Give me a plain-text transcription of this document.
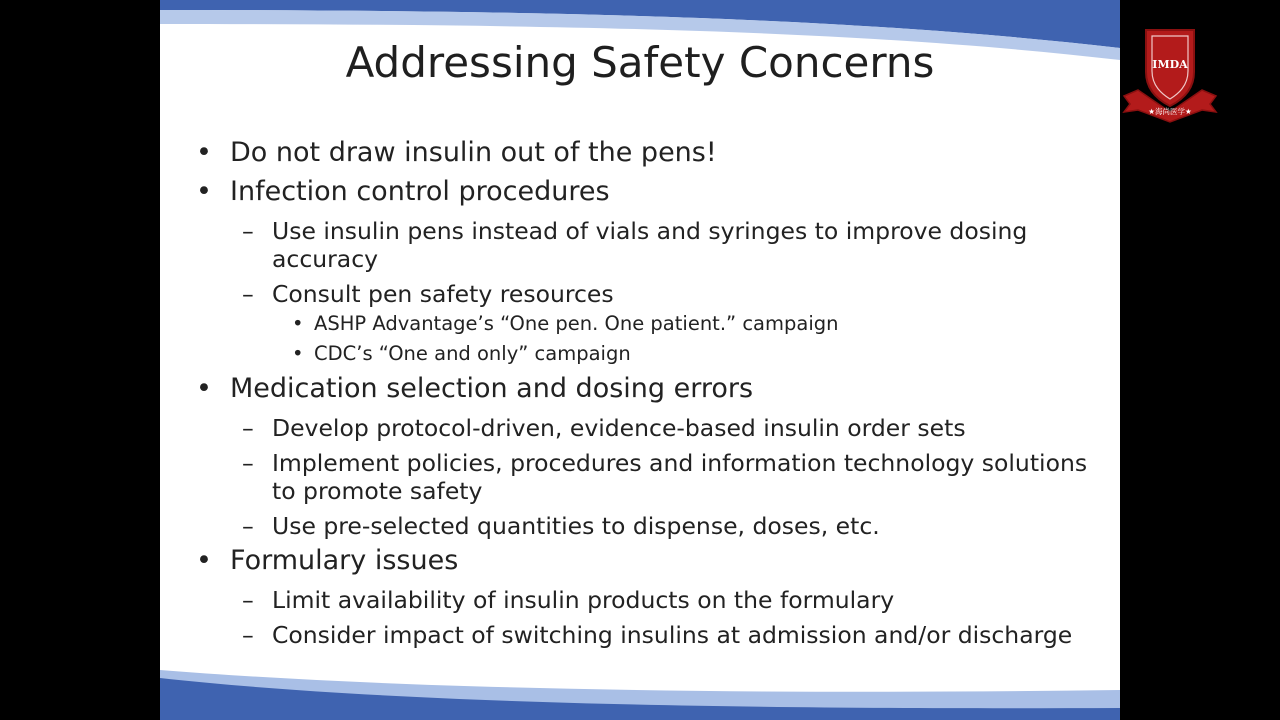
Addressing Safety Concerns
• Do not draw insulin out of the pens!
• Infection control procedures
– Use insulin pens instead of vials and syringes to improve dosing accuracy
– Consult pen safety resources
• ASHP Advantage’s “One pen. One patient.” campaign
• CDC’s “One and only” campaign
• Medication selection and dosing errors
– Develop protocol-driven, evidence-based insulin order sets
– Implement policies, procedures and information technology solutions to promote safety
– Use pre-selected quantities to dispense, doses, etc.
• Formulary issues
– Limit availability of insulin products on the formulary
– Consider impact of switching insulins at admission and/or discharge
IMDA
★海尚医学★
